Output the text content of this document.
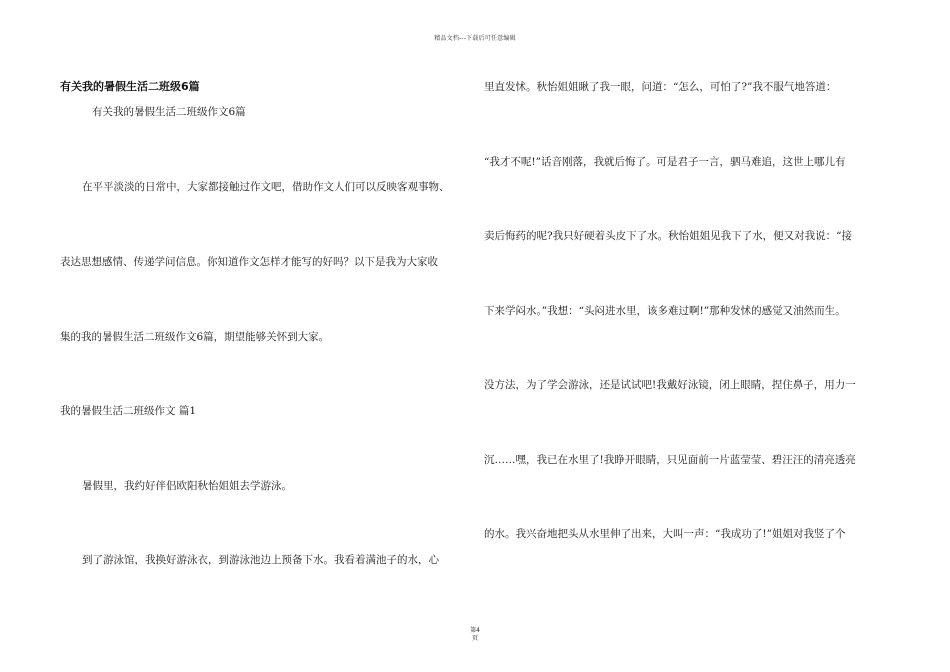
精品文档---下载后可任意编辑
有关我的暑假生活二班级6篇
有关我的暑假生活二班级作文6篇
在平平淡淡的日常中，大家都接触过作文吧，借助作文人们可以反映客观事物、
表达思想感情、传递学问信息。你知道作文怎样才能写的好吗？以下是我为大家收
集的我的暑假生活二班级作文6篇，期望能够关怀到大家。
我的暑假生活二班级作文 篇1
暑假里，我约好伴侣欧阳秋怡姐姐去学游泳。
到了游泳馆，我换好游泳衣，到游泳池边上预备下水。我看着满池子的水，心
里直发怵。秋怡姐姐瞅了我一眼，问道：“怎么，可怕了?”我不服气地答道：
“我才不呢!”话音刚落，我就后悔了。可是君子一言，驷马难追，这世上哪儿有
卖后悔药的呢?我只好硬着头皮下了水。秋怡姐姐见我下了水，便又对我说：“接
下来学闷水。”我想：“头闷进水里，该多难过啊!”那种发怵的感觉又油然而生。
没方法，为了学会游泳，还是试试吧!我戴好泳镜，闭上眼睛，捏住鼻子，用力一
沉……嘿，我已在水里了!我睁开眼睛，只见面前一片蓝莹莹、碧汪汪的清亮透亮
的水。我兴奋地把头从水里伸了出来，大叫一声：“我成功了!”姐姐对我竖了个
第4
页
